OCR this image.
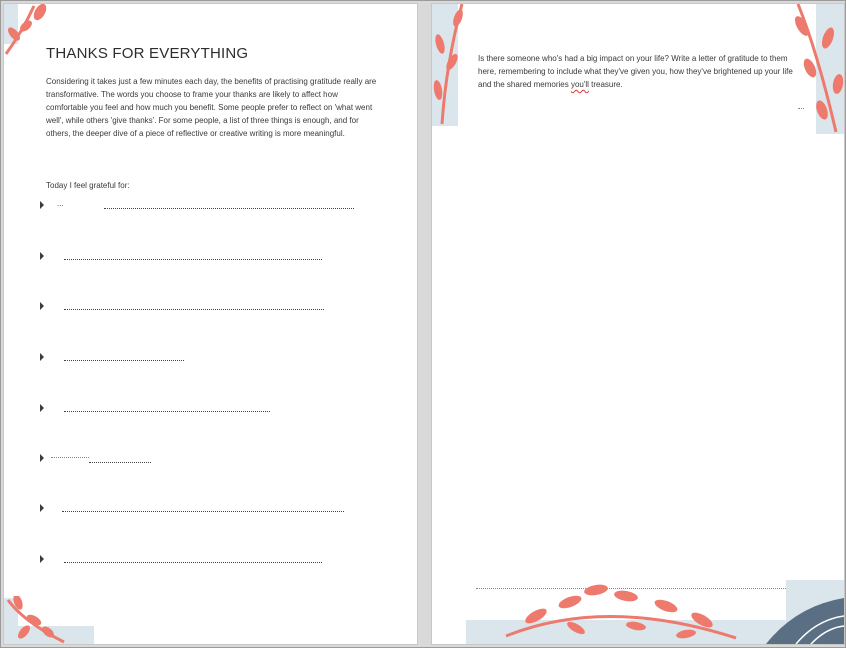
THANKS FOR EVERYTHING
Considering it takes just a few minutes each day, the benefits of practising gratitude really are transformative. The words you choose to frame your thanks are likely to affect how comfortable you feel and how much you benefit. Some people prefer to reflect on 'what went well', while others 'give thanks'. For some people, a list of three things is enough, and for others, the deeper dive of a piece of reflective or creative writing is more meaningful.
Today I feel grateful for:
...
Is there someone who's had a big impact on your life? Write a letter of gratitude to them here, remembering to include what they've given you, how they've brightened up your life and the shared memories you'll treasure.
